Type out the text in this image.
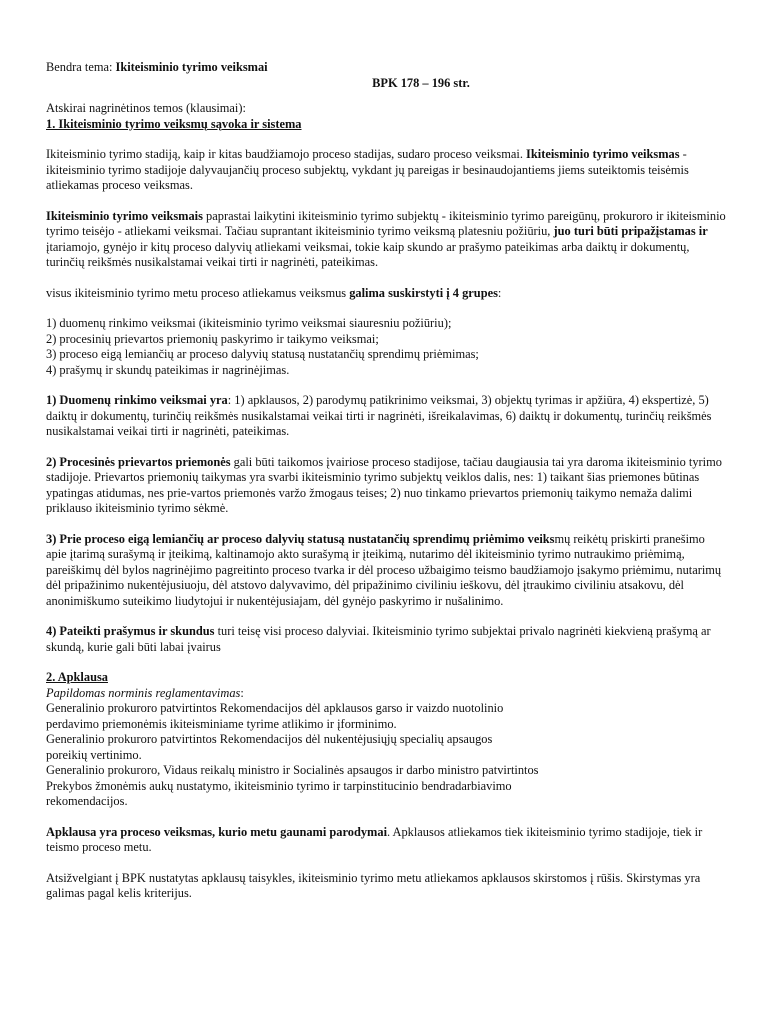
Bendra tema: Ikiteisminio tyrimo veiksmai

BPK 178 – 196 str.

Atskirai nagrinėtinos temos (klausimai):

1. Ikiteisminio tyrimo veiksmų sąvoka ir sistema

Ikiteisminio tyrimo stadiją, kaip ir kitas baudžiamojo proceso stadijas, sudaro proceso veiksmai. Ikiteisminio tyrimo veiksmas - ikiteisminio tyrimo stadijoje dalyvaujančių proceso subjektų, vykdant jų pareigas ir besinaudojantiems jiems suteiktomis teisėmis atliekamas proceso veiksmas.

Ikiteisminio tyrimo veiksmais paprastai laikytini ikiteisminio tyrimo subjektų - ikiteisminio tyrimo pareigūnų, prokuroro ir ikiteisminio tyrimo teisėjo - atliekami veiksmai. Tačiau suprantant ikiteisminio tyrimo veiksmą platesniu požiūriu, juo turi būti pripažįstamas ir įtariamojo, gynėjo ir kitų proceso dalyvių atliekami veiksmai, tokie kaip skundo ar prašymo pateikimas arba daiktų ir dokumentų, turinčių reikšmės nusikalstamai veikai tirti ir nagrinėti, pateikimas.

visus ikiteisminio tyrimo metu proceso atliekamus veiksmus galima suskirstyti į 4 grupes:

1) duomenų rinkimo veiksmai (ikiteisminio tyrimo veiksmai siauresniu požiūriu);

2) procesinių prievartos priemonių paskyrimo ir taikymo veiksmai;

3) proceso eigą lemiančių ar proceso dalyvių statusą nustatančių sprendimų priėmimas;

4) prašymų ir skundų pateikimas ir nagrinėjimas.

1) Duomenų rinkimo veiksmai yra: 1) apklausos, 2) parodymų patikrinimo veiksmai, 3) objektų tyrimas ir apžiūra, 4) ekspertizė, 5) daiktų ir dokumentų, turinčių reikšmės nusikalstamai veikai tirti ir nagrinėti, išreikalavimas, 6) daiktų ir dokumentų, turinčių reikšmės nusikalstamai veikai tirti ir nagrinėti, pateikimas.

2) Procesinės prievartos priemonės gali būti taikomos įvairiose proceso stadijose, tačiau daugiausia tai yra daroma ikiteisminio tyrimo stadijoje. Prievartos priemonių taikymas yra svarbi ikiteisminio tyrimo subjektų veiklos dalis, nes: 1) taikant šias priemones būtinas ypatingas atidumas, nes prie-vartos priemonės varžo žmogaus teises; 2) nuo tinkamo prievartos priemonių taikymo nemaža dalimi priklauso ikiteisminio tyrimo sėkmė.

3) Prie proceso eigą lemiančių ar proceso dalyvių statusą nustatančių sprendimų priėmimo veiksmų reikėtų priskirti pranešimo apie įtarimą surašymą ir įteikimą, kaltinamojo akto surašymą ir įteikimą, nutarimo dėl ikiteisminio tyrimo nutraukimo priėmimą, pareiškimų dėl bylos nagrinėjimo pagreitinto proceso tvarka ir dėl proceso užbaigimo teismo baudžiamojo įsakymo priėmimu, nutarimų dėl pripažinimo nukentėjusiuoju, dėl atstovo dalyvavimo, dėl pripažinimo civiliniu ieškovu, dėl įtraukimo civiliniu atsakovu, dėl anonimiškumo suteikimo liudytojui ir nukentėjusiajam, dėl gynėjo paskyrimo ir nušalinimo.

4) Pateikti prašymus ir skundus turi teisę visi proceso dalyviai. Ikiteisminio tyrimo subjektai privalo nagrinėti kiekvieną prašymą ar skundą, kurie gali būti labai įvairus

2. Apklausa

Papildomas norminis reglamentavimas:

Generalinio prokuroro patvirtintos Rekomendacijos dėl apklausos garso ir vaizdo nuotolinio

perdavimo priemonėmis ikiteisminiame tyrime atlikimo ir įforminimo.

Generalinio prokuroro patvirtintos Rekomendacijos dėl nukentėjusiųjų specialių apsaugos

poreikių vertinimo.

Generalinio prokuroro, Vidaus reikalų ministro ir Socialinės apsaugos ir darbo ministro patvirtintos

Prekybos žmonėmis aukų nustatymo, ikiteisminio tyrimo ir tarpinstitucinio bendradarbiavimo

rekomendacijos.

Apklausa yra proceso veiksmas, kurio metu gaunami parodymai. Apklausos atliekamos tiek ikiteisminio tyrimo stadijoje, tiek ir teismo proceso metu.

Atsižvelgiant į BPK nustatytas apklausų taisykles, ikiteisminio tyrimo metu atliekamos apklausos skirstomos į rūšis. Skirstymas yra galimas pagal kelis kriterijus.
